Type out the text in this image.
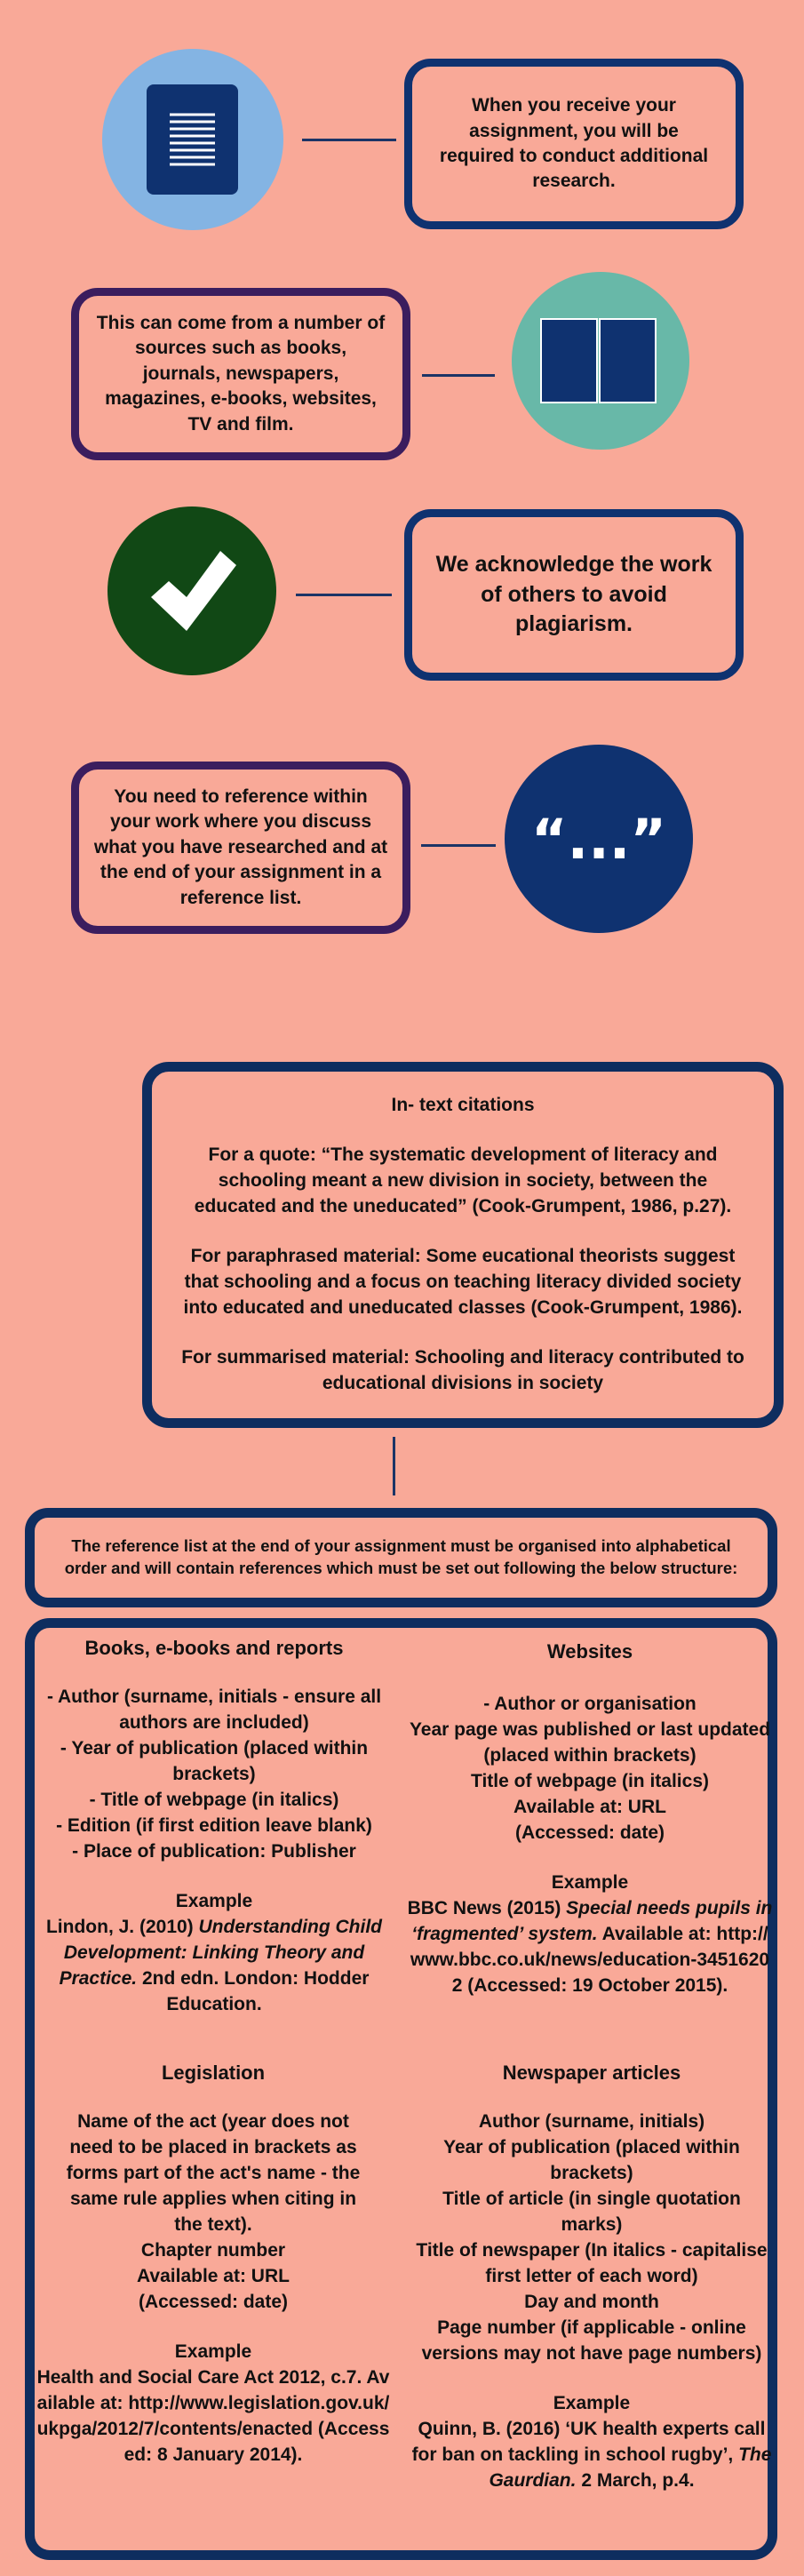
When you receive your assignment, you will be required to conduct additional research.
This can come from a number of sources such as books, journals, newspapers, magazines, e-books, websites, TV and film.
We acknowledge the work of others to avoid plagiarism.
You need to reference within your work where you discuss what you have researched and at the end of your assignment in a reference list.
“...”
In- text citations
For a quote: “The systematic development of literacy and schooling meant a new division in society, between the educated and the uneducated” (Cook-Grumpent, 1986, p.27).
For paraphrased material: Some eucational theorists suggest that schooling and a focus on teaching literacy divided society into educated and uneducated classes (Cook-Grumpent, 1986).
For summarised material: Schooling and literacy contributed to educational divisions in society
The reference list at the end of your assignment must be organised into alphabetical order and will contain references which must be set out following the below structure:
Books, e-books and reports

- Author (surname, initials - ensure all authors are included)

- Year of publication (placed within brackets)

- Title of webpage (in italics)

- Edition (if first edition leave blank)

- Place of publication: Publisher

Example

Lindon, J. (2010) Understanding Child Development: Linking Theory and Practice. 2nd edn. London: Hodder Education.

Websites

- Author or organisation

Year page was published or last updated (placed within brackets)

Title of webpage (in italics)

Available at: URL

(Accessed: date)

Example

BBC News (2015) Special needs pupils in ‘fragmented’ system. Available at: http://www.bbc.co.uk/news/education-34516202 (Accessed: 19 October 2015).

Legislation

Name of the act (year does not need to be placed in brackets as forms part of the act's name - the same rule applies when citing in the text).

Chapter number

Available at: URL

(Accessed: date)

Example

Health and Social Care Act 2012, c.7. Available at: http://www.legislation.gov.uk/ukpga/2012/7/contents/enacted (Accessed: 8 January 2014).

Newspaper articles

Author (surname, initials)

Year of publication (placed within brackets)

Title of article (in single quotation marks)

Title of newspaper (In italics - capitalise first letter of each word)

Day and month

Page number (if applicable - online versions may not have page numbers)

Example

Quinn, B. (2016) ‘UK health experts call for ban on tackling in school rugby’, The Gaurdian. 2 March, p.4.
